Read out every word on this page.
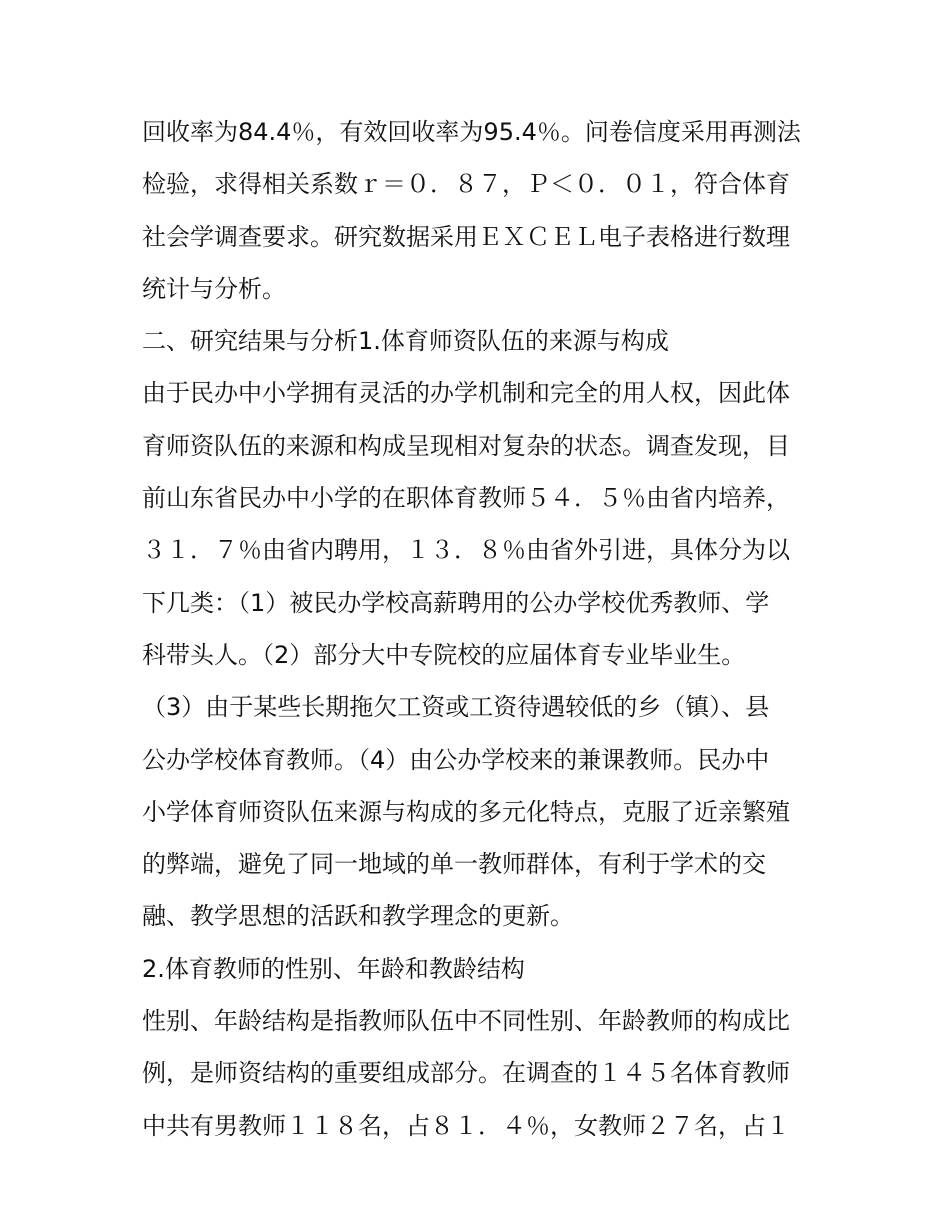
回收率为84.4％，有效回收率为95.4％。问卷信度采用再测法
检验，求得相关系数ｒ＝０．８７，Ｐ＜０．０１，符合体育
社会学调查要求。研究数据采用ＥＸＣＥＬ电子表格进行数理
统计与分析。
二、研究结果与分析1.体育师资队伍的来源与构成
由于民办中小学拥有灵活的办学机制和完全的用人权，因此体
育师资队伍的来源和构成呈现相对复杂的状态。调查发现，目
前山东省民办中小学的在职体育教师５４．５％由省内培养，
３１．７％由省内聘用，１３．８％由省外引进，具体分为以
下几类：（1）被民办学校高薪聘用的公办学校优秀教师、学
科带头人。（2）部分大中专院校的应届体育专业毕业生。
（3）由于某些长期拖欠工资或工资待遇较低的乡（镇）、县
公办学校体育教师。（4）由公办学校来的兼课教师。民办中
小学体育师资队伍来源与构成的多元化特点，克服了近亲繁殖
的弊端，避免了同一地域的单一教师群体，有利于学术的交
融、教学思想的活跃和教学理念的更新。
2.体育教师的性别、年龄和教龄结构
性别、年龄结构是指教师队伍中不同性别、年龄教师的构成比
例，是师资结构的重要组成部分。在调查的１４５名体育教师
中共有男教师１１８名，占８１．４％，女教师２７名，占１
